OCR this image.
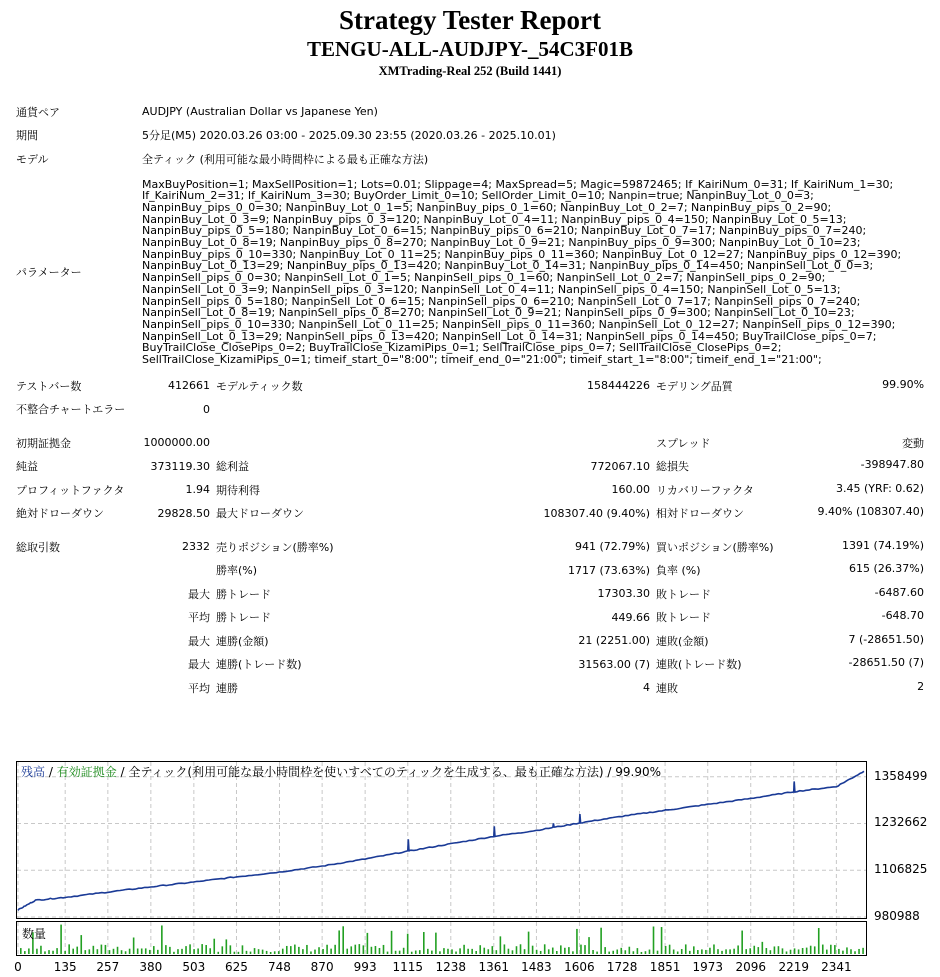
Strategy Tester Report
TENGU-ALL-AUDJPY-_54C3F01B
XMTrading-Real 252 (Build 1441)
通貨ペア	AUDJPY (Australian Dollar vs Japanese Yen)				
期間	5分足(M5) 2020.03.26 03:00 - 2025.09.30 23:55 (2020.03.26 - 2025.10.01)				
モデル	全ティック (利用可能な最小時間枠による最も正確な方法)				
パラメーター	MaxBuyPosition=1; MaxSellPosition=1; Lots=0.01; Slippage=4; MaxSpread=5; Magic=59872465; If_KairiNum_0=31; If_KairiNum_1=30; If_KairiNum_2=31; If_KairiNum_3=30; BuyOrder_Limit_0=10; SellOrder_Limit_0=10; Nanpin=true; NanpinBuy_Lot_0_0=3; NanpinBuy_pips_0_0=30; NanpinBuy_Lot_0_1=5; NanpinBuy_pips_0_1=60; NanpinBuy_Lot_0_2=7; NanpinBuy_pips_0_2=90; NanpinBuy_Lot_0_3=9; NanpinBuy_pips_0_3=120; NanpinBuy_Lot_0_4=11; NanpinBuy_pips_0_4=150; NanpinBuy_Lot_0_5=13; NanpinBuy_pips_0_5=180; NanpinBuy_Lot_0_6=15; NanpinBuy_pips_0_6=210; NanpinBuy_Lot_0_7=17; NanpinBuy_pips_0_7=240; NanpinBuy_Lot_0_8=19; NanpinBuy_pips_0_8=270; NanpinBuy_Lot_0_9=21; NanpinBuy_pips_0_9=300; NanpinBuy_Lot_0_10=23; NanpinBuy_pips_0_10=330; NanpinBuy_Lot_0_11=25; NanpinBuy_pips_0_11=360; NanpinBuy_Lot_0_12=27; NanpinBuy_pips_0_12=390; NanpinBuy_Lot_0_13=29; NanpinBuy_pips_0_13=420; NanpinBuy_Lot_0_14=31; NanpinBuy_pips_0_14=450; NanpinSell_Lot_0_0=3; NanpinSell_pips_0_0=30; NanpinSell_Lot_0_1=5; NanpinSell_pips_0_1=60; NanpinSell_Lot_0_2=7; NanpinSell_pips_0_2=90; NanpinSell_Lot_0_3=9; NanpinSell_pips_0_3=120; NanpinSell_Lot_0_4=11; NanpinSell_pips_0_4=150; NanpinSell_Lot_0_5=13; NanpinSell_pips_0_5=180; NanpinSell_Lot_0_6=15; NanpinSell_pips_0_6=210; NanpinSell_Lot_0_7=17; NanpinSell_pips_0_7=240; NanpinSell_Lot_0_8=19; NanpinSell_pips_0_8=270; NanpinSell_Lot_0_9=21; NanpinSell_pips_0_9=300; NanpinSell_Lot_0_10=23; NanpinSell_pips_0_10=330; NanpinSell_Lot_0_11=25; NanpinSell_pips_0_11=360; NanpinSell_Lot_0_12=27; NanpinSell_pips_0_12=390; NanpinSell_Lot_0_13=29; NanpinSell_pips_0_13=420; NanpinSell_Lot_0_14=31; NanpinSell_pips_0_14=450; BuyTrailClose_pips_0=7; BuyTrailClose_ClosePips_0=2; BuyTrailClose_KizamiPips_0=1; SellTrailClose_pips_0=7; SellTrailClose_ClosePips_0=2; SellTrailClose_KizamiPips_0=1; timeif_start_0="8:00"; timeif_end_0="21:00"; timeif_start_1="8:00"; timeif_end_1="21:00";				
テストバー数	412661	モデルティック数	158444226		モデリング品質 99.90%

不整合チャートエラー	0				

初期証拠金	1000000.00				スプレッド 変動

純益	373119.30	総利益	772067.10		総損失 -398947.80

プロフィットファクタ	1.94	期待利得	160.00		リカバリーファクタ 3.45 (YRF: 0.62)

絶対ドローダウン	29828.50	最大ドローダウン	108307.40 (9.40%)		相対ドローダウン 9.40% (108307.40)

総取引数	2332	売りポジション(勝率%)	941 (72.79%)		買いポジション(勝率%) 1391 (74.19%)

		勝率(%)	1717 (73.63%)		負率 (%) 615 (26.37%)

	最大	勝トレード	17303.30		敗トレード -6487.60

	平均	勝トレード	449.66		敗トレード -648.70

	最大	連勝(金額)	21 (2251.00)		連敗(金額) 7 (-28651.50)

	最大	連勝(トレード数)	31563.00 (7)		連敗(トレード数) -28651.50 (7)

	平均	連勝	4		連敗 2
残高 / 有効証拠金 / 全ティック(利用可能な最小時間枠を使いすべてのティックを生成する、最も正確な方法) / 99.90%
数量
980988
1106825
1232662
1358499
0	135 257 380 503 625 748 870 993 1115 1238 1361 1483 1606 1728 1851 1973 2096 2219 2341
